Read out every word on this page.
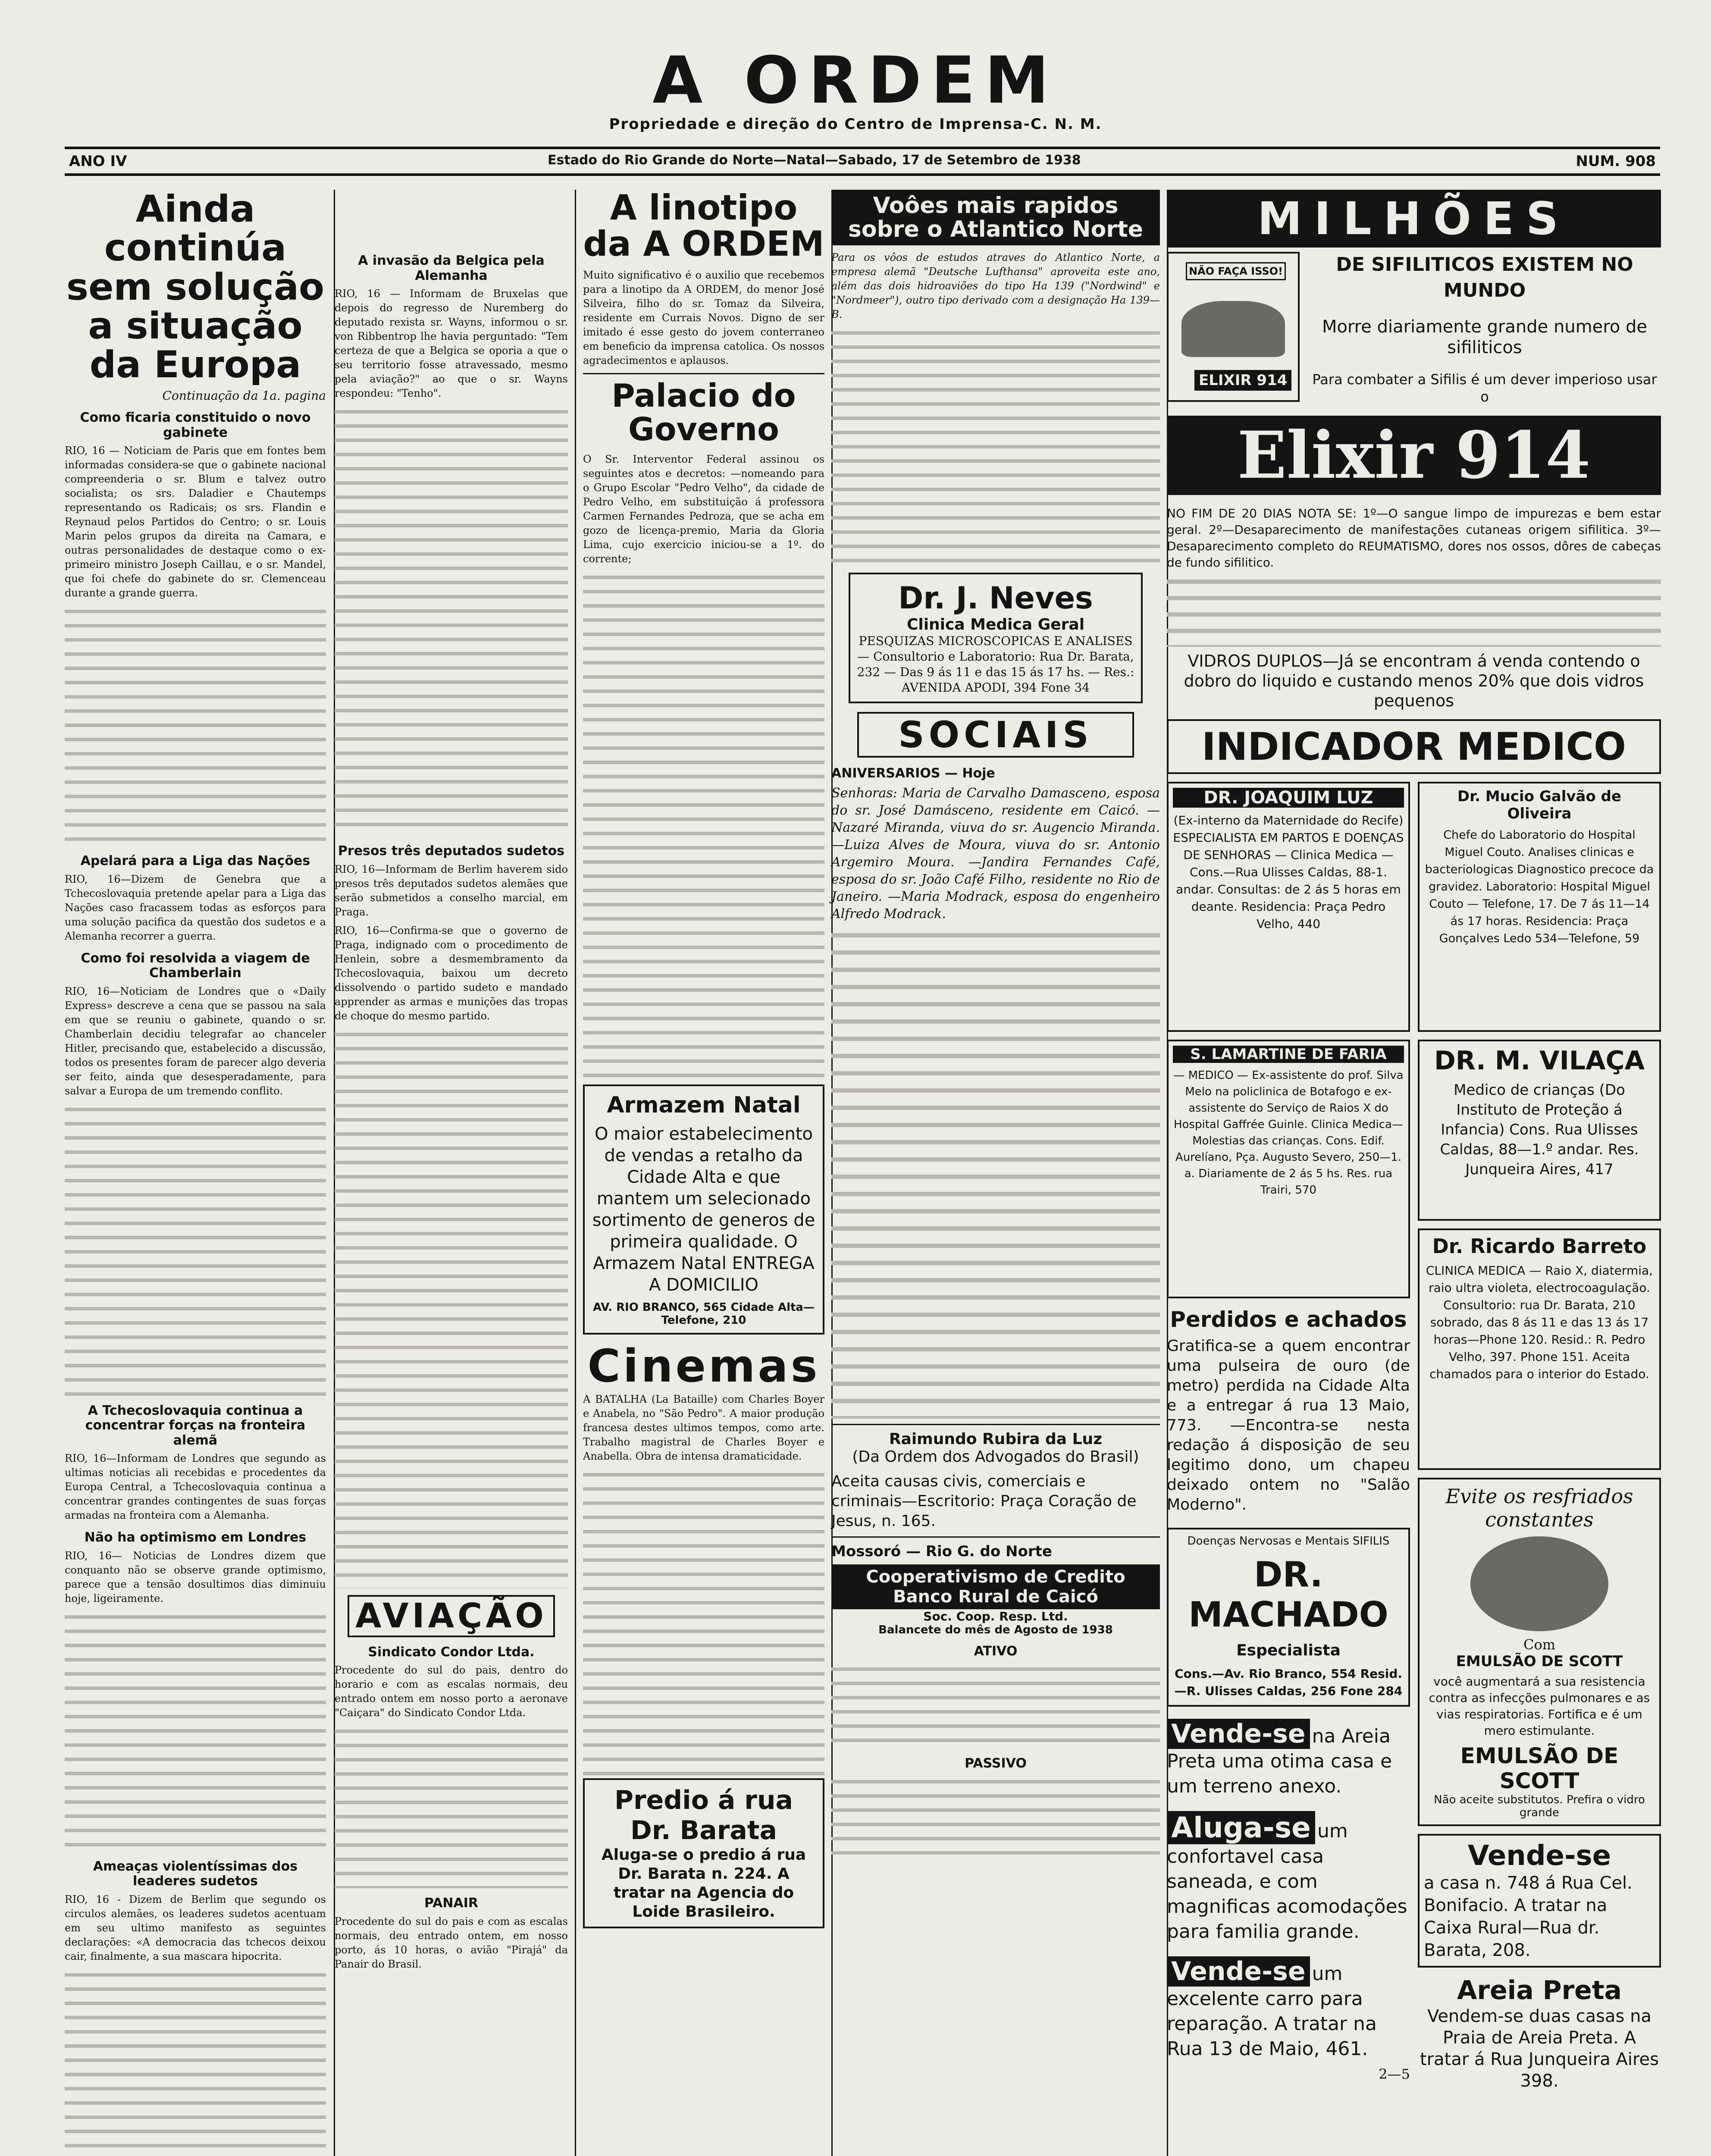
A ORDEM
Propriedade e direção do Centro de Imprensa-C. N. M.
ANO IV	Estado do Rio Grande do Norte—Natal—Sabado, 17 de Setembro de 1938	NUM. 908
Ainda continúa sem solução a situação da Europa
Continuação da 1a. pagina
Como ficaria constituido o novo gabinete
RIO, 16 — Noticiam de Paris que em fontes bem informadas considera-se que o gabinete nacional compreenderia o sr. Blum e talvez outro socialista; os srs. Daladier e Chautemps representando os Radicais; os srs. Flandin e Reynaud pelos Partidos do Centro; o sr. Louis Marin pelos grupos da direita na Camara, e outras personalidades de destaque como o ex-primeiro ministro Joseph Caillau, e o sr. Mandel, que foi chefe do gabinete do sr. Clemenceau durante a grande guerra.
Apelará para a Liga das Nações
RIO, 16—Dizem de Genebra que a Tchecoslovaquia pretende apelar para a Liga das Nações caso fracassem todas as esforços para uma solução pacifica da questão dos sudetos e a Alemanha recorrer a guerra.
Como foi resolvida a viagem de Chamberlain
RIO, 16—Noticiam de Londres que o «Daily Express» descreve a cena que se passou na sala em que se reuniu o gabinete, quando o sr. Chamberlain decidiu telegrafar ao chanceler Hitler, precisando que, estabelecido a discussão, todos os presentes foram de parecer algo deveria ser feito, ainda que desesperadamente, para salvar a Europa de um tremendo conflito.
A Tchecoslovaquia continua a concentrar forças na fronteira alemã
RIO, 16—Informam de Londres que segundo as ultimas noticias ali recebidas e procedentes da Europa Central, a Tchecoslovaquia continua a concentrar grandes contingentes de suas forças armadas na fronteira com a Alemanha.
Não ha optimismo em Londres
RIO, 16— Noticias de Londres dizem que conquanto não se observe grande optimismo, parece que a tensão dosultimos dias diminuiu hoje, ligeiramente.
Ameaças violentíssimas dos leaderes sudetos
RIO, 16 - Dizem de Berlim que segundo os circulos alemães, os leaderes sudetos acentuam em seu ultimo manifesto as seguintes declarações: «A democracia das tchecos deixou cair, finalmente, a sua mascara hipocrita.
A invasão da Belgica pela Alemanha
RIO, 16 — Informam de Bruxelas que depois do regresso de Nuremberg do deputado rexista sr. Wayns, informou o sr. von Ribbentrop lhe havia perguntado: "Tem certeza de que a Belgica se oporia a que o seu territorio fosse atravessado, mesmo pela aviação?" ao que o sr. Wayns respondeu: "Tenho".
Presos três deputados sudetos
RIO, 16—Informam de Berlim haverem sido presos três deputados sudetos alemães que serão submetidos a conselho marcial, em Praga.
RIO, 16—Confirma-se que o governo de Praga, indignado com o procedimento de Henlein, sobre a desmembramento da Tchecoslovaquia, baixou um decreto dissolvendo o partido sudeto e mandado apprender as armas e munições das tropas de choque do mesmo partido.
AVIAÇÃO
Sindicato Condor Ltda.
Procedente do sul do pais, dentro do horario e com as escalas normais, deu entrado ontem em nosso porto a aeronave "Caiçara" do Sindicato Condor Ltda.
PANAIR
Procedente do sul do pais e com as escalas normais, deu entrado ontem, em nosso porto, ás 10 horas, o avião "Pirajá" da Panair do Brasil.
A linotipo da A ORDEM
Muito significativo é o auxilio que recebemos para a linotipo da A ORDEM, do menor José Silveira, filho do sr. Tomaz da Silveira, residente em Currais Novos. Digno de ser imitado é esse gesto do jovem conterraneo em beneficio da imprensa catolica. Os nossos agradecimentos e aplausos.
Palacio do Governo
O Sr. Interventor Federal assinou os seguintes atos e decretos: —nomeando para o Grupo Escolar "Pedro Velho", da cidade de Pedro Velho, em substituição á professora Carmen Fernandes Pedroza, que se acha em gozo de licença-premio, Maria da Gloria Lima, cujo exercicio iniciou-se a 1º. do corrente;
Armazem Natal
O maior estabelecimento de vendas a retalho da Cidade Alta e que mantem um selecionado sortimento de generos de primeira qualidade. O Armazem Natal ENTREGA A DOMICILIO
AV. RIO BRANCO, 565 Cidade Alta—Telefone, 210
Cinemas
A BATALHA (La Bataille) com Charles Boyer e Anabela, no "São Pedro". A maior produção francesa destes ultimos tempos, como arte. Trabalho magistral de Charles Boyer e Anabella. Obra de intensa dramaticidade.
Predio á rua Dr. Barata
Aluga-se o predio á rua Dr. Barata n. 224. A tratar na Agencia do Loide Brasileiro.
Voôes mais rapidos sobre o Atlantico Norte
Para os vôos de estudos atraves do Atlantico Norte, a empresa alemã "Deutsche Lufthansa" aproveita este ano, além das dois hidroaviões do tipo Ha 139 ("Nordwind" e "Nordmeer"), outro tipo derivado com a designação Ha 139—B.
Dr. J. Neves
Clinica Medica Geral
PESQUIZAS MICROSCOPICAS E ANALISES — Consultorio e Laboratorio: Rua Dr. Barata, 232 — Das 9 ás 11 e das 15 ás 17 hs. — Res.: AVENIDA APODI, 394 Fone 34
SOCIAIS
ANIVERSARIOS — Hoje
Senhoras: Maria de Carvalho Damasceno, esposa do sr. José Damásceno, residente em Caicó. —Nazaré Miranda, viuva do sr. Augencio Miranda. —Luiza Alves de Moura, viuva do sr. Antonio Argemiro Moura. —Jandira Fernandes Café, esposa do sr. João Café Filho, residente no Rio de Janeiro. —Maria Modrack, esposa do engenheiro Alfredo Modrack.
Raimundo Rubira da Luz
(Da Ordem dos Advogados do Brasil)
Aceita causas civis, comerciais e criminais—Escritorio: Praça Coração de Jesus, n. 165.
Mossoró — Rio G. do Norte
Cooperativismo de Credito Banco Rural de Caicó
Soc. Coop. Resp. Ltd.
Balancete do mês de Agosto de 1938
ATIVO
PASSIVO
MILHÕES
NÃO FAÇA ISSO!
ELIXIR 914
DE SIFILITICOS EXISTEM NO MUNDO
Morre diariamente grande numero de sifiliticos
Para combater a Sifilis é um dever imperioso usar o
Elixir 914
NO FIM DE 20 DIAS NOTA SE: 1º—O sangue limpo de impurezas e bem estar geral. 2º—Desaparecimento de manifestações cutaneas origem sifilitica. 3º—Desaparecimento completo do REUMATISMO, dores nos ossos, dôres de cabeças de fundo sifilitico.
VIDROS DUPLOS—Já se encontram á venda contendo o dobro do liquido e custando menos 20% que dois vidros pequenos
INDICADOR MEDICO
DR. JOAQUIM LUZ
(Ex-interno da Maternidade do Recife) ESPECIALISTA EM PARTOS E DOENÇAS DE SENHORAS — Clinica Medica — Cons.—Rua Ulisses Caldas, 88-1. andar. Consultas: de 2 ás 5 horas em deante. Residencia: Praça Pedro Velho, 440
S. LAMARTINE DE FARIA
— MEDICO — Ex-assistente do prof. Silva Melo na policlinica de Botafogo e ex-assistente do Serviço de Raios X do Hospital Gaffrée Guinle. Clinica Medica—Molestias das crianças. Cons. Edif. Aurelíano, Pça. Augusto Severo, 250—1. a. Diariamente de 2 ás 5 hs. Res. rua Trairi, 570
Perdidos e achados
Gratifica-se a quem encontrar uma pulseira de ouro (de metro) perdida na Cidade Alta e a entregar á rua 13 Maio, 773. —Encontra-se nesta redação á disposição de seu legitimo dono, um chapeu deixado ontem no "Salão Moderno".
Doenças Nervosas e Mentais SIFILIS
DR. MACHADO
Especialista
Cons.—Av. Rio Branco, 554 Resid.—R. Ulisses Caldas, 256 Fone 284
Vende-se na Areia Preta uma otima casa e um terreno anexo.
Aluga-se um confortavel casa saneada, e com magnificas acomodações para familia grande.
Vende-se um excelente carro para reparação. A tratar na Rua 13 de Maio, 461.
2—5
Dr. Mucio Galvão de Oliveira
Chefe do Laboratorio do Hospital Miguel Couto. Analises clinicas e bacteriologicas Diagnostico precoce da gravidez. Laboratorio: Hospital Miguel Couto — Telefone, 17. De 7 ás 11—14 ás 17 horas. Residencia: Praça Gonçalves Ledo 534—Telefone, 59
DR. M. VILAÇA
Medico de crianças (Do Instituto de Proteção á Infancia) Cons. Rua Ulisses Caldas, 88—1.º andar. Res. Junqueira Aires, 417
Dr. Ricardo Barreto
CLINICA MEDICA — Raio X, diatermia, raio ultra violeta, electrocoagulação. Consultorio: rua Dr. Barata, 210 sobrado, das 8 ás 11 e das 13 ás 17 horas—Phone 120. Resid.: R. Pedro Velho, 397. Phone 151. Aceita chamados para o interior do Estado.
Evite os resfriados constantes
Com
EMULSÃO DE SCOTT
você augmentará a sua resistencia contra as infecções pulmonares e as vias respiratorias. Fortifica e é um mero estimulante.
EMULSÃO DE SCOTT
Não aceite substitutos. Prefira o vidro grande
Vende-se
a casa n. 748 á Rua Cel. Bonifacio. A tratar na Caixa Rural—Rua dr. Barata, 208.
Areia Preta
Vendem-se duas casas na Praia de Areia Preta. A tratar á Rua Junqueira Aires 398.
